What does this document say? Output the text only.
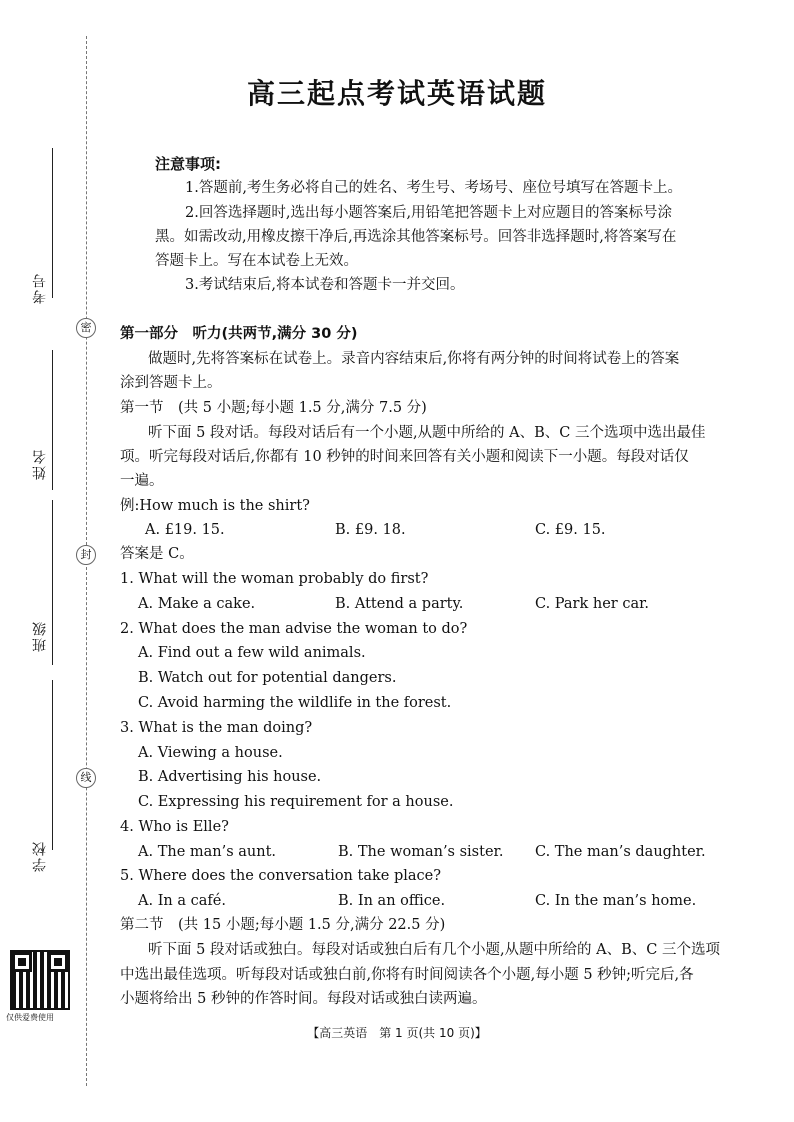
考号
姓名
班级
学校
密
封
线
仅供爱费使用
高三起点考试英语试题
注意事项:
1.答题前,考生务必将自己的姓名、考生号、考场号、座位号填写在答题卡上。
2.回答选择题时,选出每小题答案后,用铅笔把答题卡上对应题目的答案标号涂
黑。如需改动,用橡皮擦干净后,再选涂其他答案标号。回答非选择题时,将答案写在
答题卡上。写在本试卷上无效。
3.考试结束后,将本试卷和答题卡一并交回。
第一部分　听力(共两节,满分 30 分)
做题时,先将答案标在试卷上。录音内容结束后,你将有两分钟的时间将试卷上的答案
涂到答题卡上。
第一节　(共 5 小题;每小题 1.5 分,满分 7.5 分)
听下面 5 段对话。每段对话后有一个小题,从题中所给的 A、B、C 三个选项中选出最佳
项。听完每段对话后,你都有 10 秒钟的时间来回答有关小题和阅读下一小题。每段对话仅
一遍。
例:How much is the shirt?
A. £19. 15.	B. £9. 18.	C. £9. 15.
答案是 C。
1. What will the woman probably do first?
A. Make a cake.	B. Attend a party.	C. Park her car.
2. What does the man advise the woman to do?
A. Find out a few wild animals.
B. Watch out for potential dangers.
C. Avoid harming the wildlife in the forest.
3. What is the man doing?
A. Viewing a house.
B. Advertising his house.
C. Expressing his requirement for a house.
4. Who is Elle?
A. The man’s aunt.	B. The woman’s sister. C. The man’s daughter.
5. Where does the conversation take place?
A. In a café.	B. In an office.	C. In the man’s home.
第二节　(共 15 小题;每小题 1.5 分,满分 22.5 分)
听下面 5 段对话或独白。每段对话或独白后有几个小题,从题中所给的 A、B、C 三个选项
中选出最佳选项。听每段对话或独白前,你将有时间阅读各个小题,每小题 5 秒钟;听完后,各
小题将给出 5 秒钟的作答时间。每段对话或独白读两遍。
【高三英语　第 1 页(共 10 页)】
